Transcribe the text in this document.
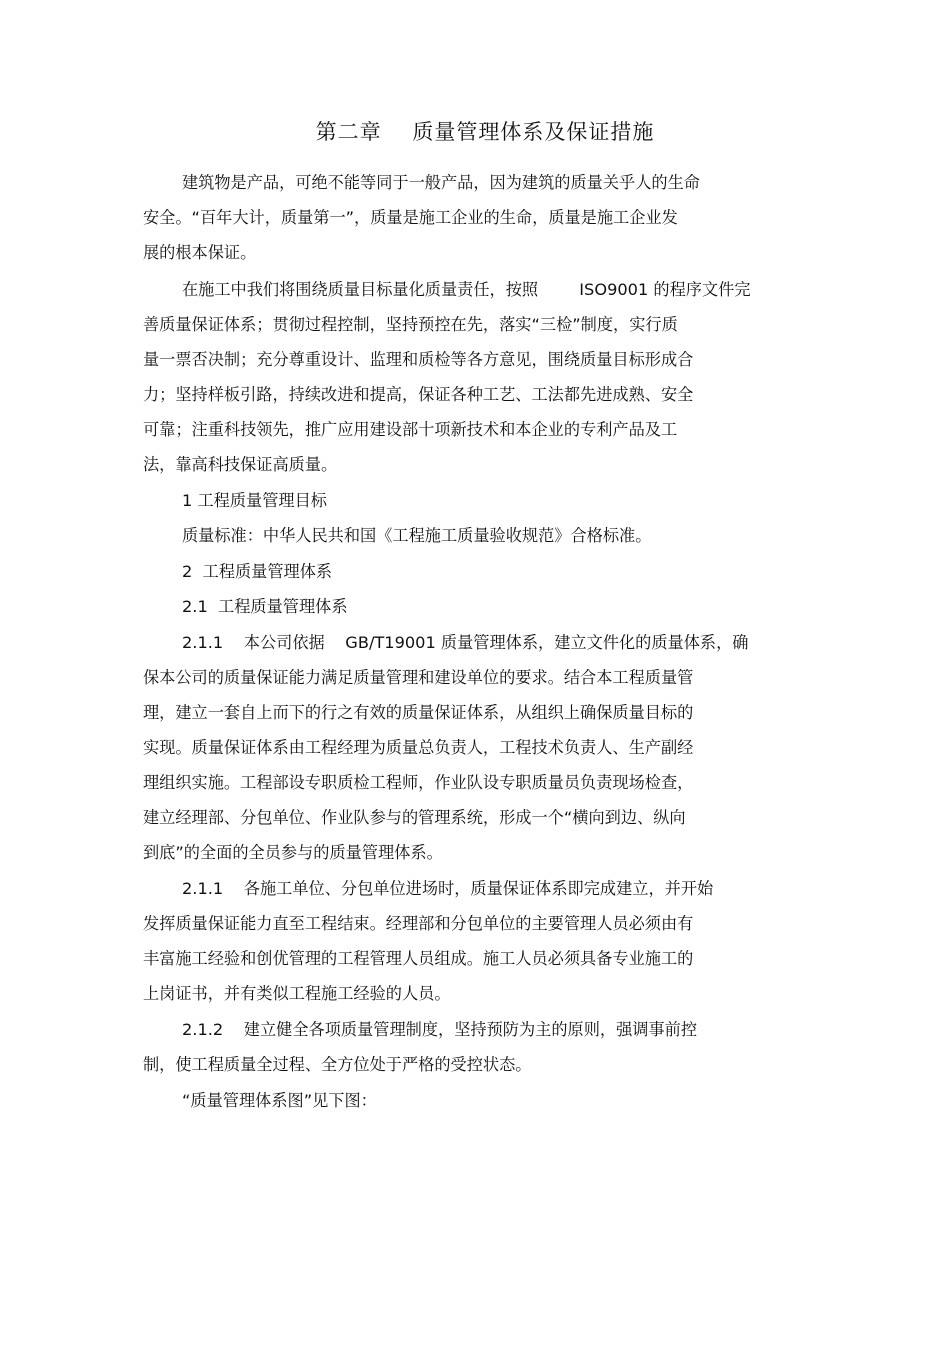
第二章    质量管理体系及保证措施
建筑物是产品，可绝不能等同于一般产品，因为建筑的质量关乎人的生命
安全。“百年大计，质量第一”，质量是施工企业的生命，质量是施工企业发
展的根本保证。
在施工中我们将围绕质量目标量化质量责任，按照        ISO9001 的程序文件完
善质量保证体系；贯彻过程控制，坚持预控在先，落实“三检”制度，实行质
量一票否决制；充分尊重设计、监理和质检等各方意见，围绕质量目标形成合
力；坚持样板引路，持续改进和提高，保证各种工艺、工法都先进成熟、安全
可靠；注重科技领先，推广应用建设部十项新技术和本企业的专利产品及工
法，靠高科技保证高质量。
1 工程质量管理目标
质量标准：中华人民共和国《工程施工质量验收规范》合格标准。
2  工程质量管理体系
2.1  工程质量管理体系
2.1.1    本公司依据    GB/T19001 质量管理体系，建立文件化的质量体系，确
保本公司的质量保证能力满足质量管理和建设单位的要求。结合本工程质量管
理，建立一套自上而下的行之有效的质量保证体系，从组织上确保质量目标的
实现。质量保证体系由工程经理为质量总负责人，工程技术负责人、生产副经
理组织实施。工程部设专职质检工程师，作业队设专职质量员负责现场检查，
建立经理部、分包单位、作业队参与的管理系统，形成一个“横向到边、纵向
到底”的全面的全员参与的质量管理体系。
2.1.1    各施工单位、分包单位进场时，质量保证体系即完成建立，并开始
发挥质量保证能力直至工程结束。经理部和分包单位的主要管理人员必须由有
丰富施工经验和创优管理的工程管理人员组成。施工人员必须具备专业施工的
上岗证书，并有类似工程施工经验的人员。
2.1.2    建立健全各项质量管理制度，坚持预防为主的原则，强调事前控
制，使工程质量全过程、全方位处于严格的受控状态。
“质量管理体系图”见下图：
